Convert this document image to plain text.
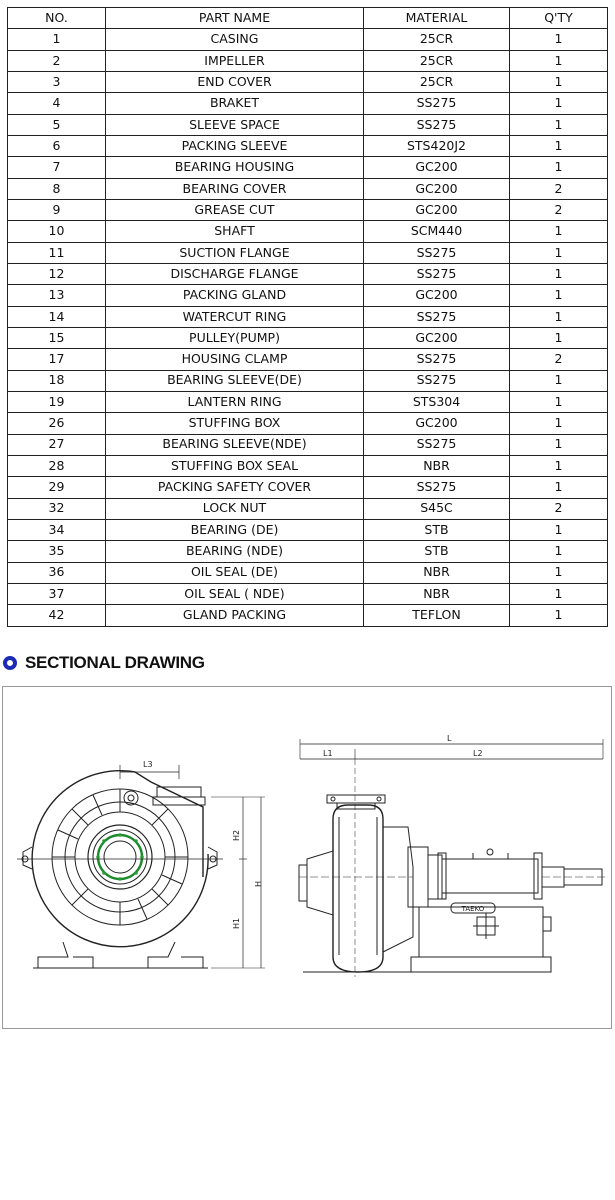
NO.	PART NAME	MATERIAL	Q'TY
1	CASING	25CR	1
2	IMPELLER	25CR	1
3	END COVER	25CR	1
4	BRAKET	SS275	1
5	SLEEVE SPACE	SS275	1
6	PACKING SLEEVE	STS420J2	1
7	BEARING HOUSING	GC200	1
8	BEARING COVER	GC200	2
9	GREASE CUT	GC200	2
10	SHAFT	SCM440	1
11	SUCTION FLANGE	SS275	1
12	DISCHARGE FLANGE	SS275	1
13	PACKING GLAND	GC200	1
14	WATERCUT RING	SS275	1
15	PULLEY(PUMP)	GC200	1
17	HOUSING CLAMP	SS275	2
18	BEARING SLEEVE(DE)	SS275	1
19	LANTERN RING	STS304	1
26	STUFFING BOX	GC200	1
27	BEARING SLEEVE(NDE)	SS275	1
28	STUFFING BOX SEAL	NBR	1
29	PACKING SAFETY COVER	SS275	1
32	LOCK NUT	S45C	2
34	BEARING (DE)	STB	1
35	BEARING (NDE)	STB	1
36	OIL SEAL (DE)	NBR	1
37	OIL SEAL ( NDE)	NBR	1
42	GLAND PACKING	TEFLON	1
SECTIONAL DRAWING
L3
H2
H1
H
L
L1	L2
TAEKO
